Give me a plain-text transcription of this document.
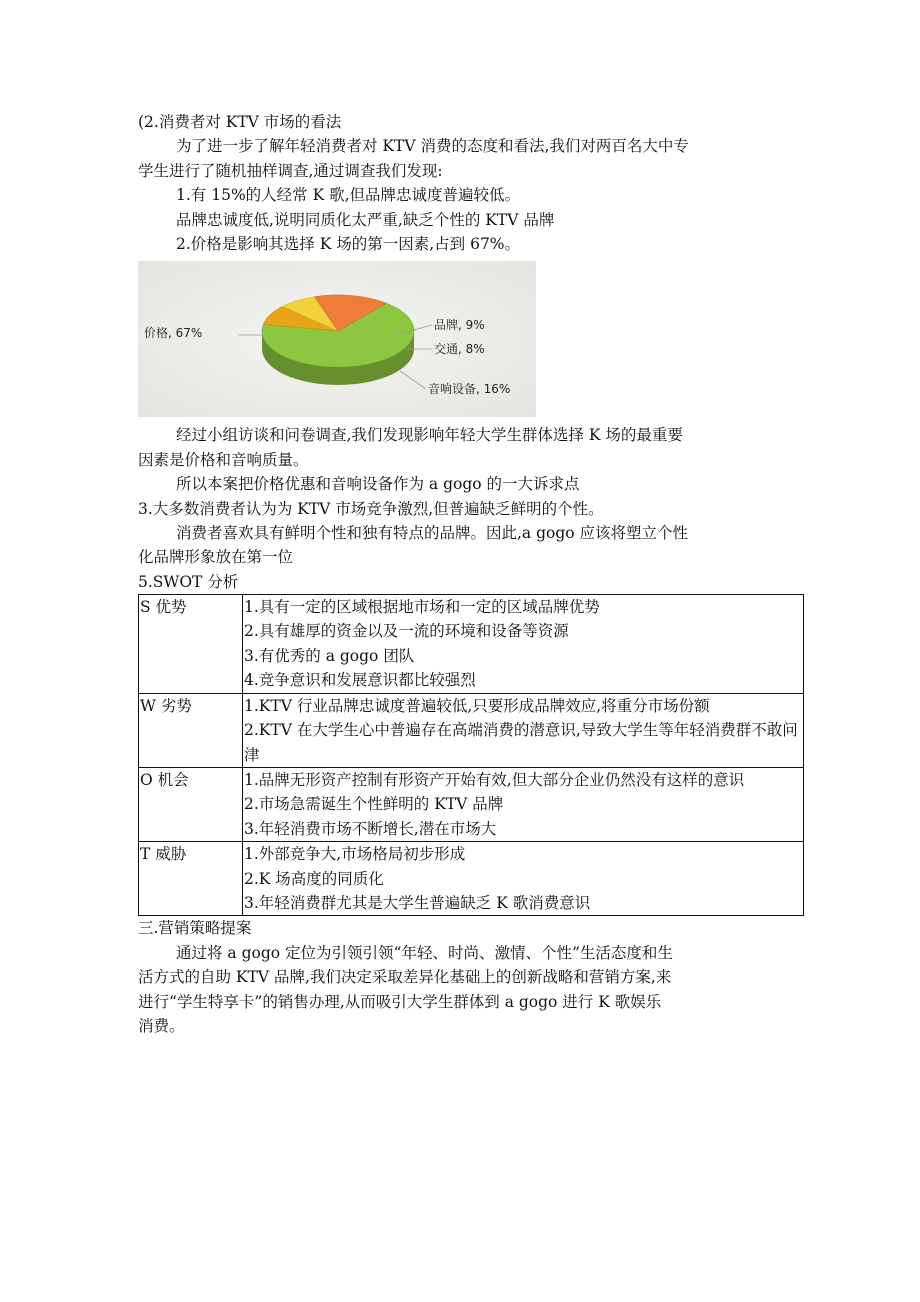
(2.消费者对 KTV 市场的看法
为了进一步了解年轻消费者对 KTV 消费的态度和看法,我们对两百名大中专
学生进行了随机抽样调查,通过调查我们发现:
1.有 15%的人经常 K 歌,但品牌忠诚度普遍较低。
品牌忠诚度低,说明同质化太严重,缺乏个性的 KTV 品牌
2.价格是影响其选择 K 场的第一因素,占到 67%。
价格, 67%
品牌, 9%
交通, 8%
音响设备, 16%
经过小组访谈和问卷调查,我们发现影响年轻大学生群体选择 K 场的最重要
因素是价格和音响质量。
所以本案把价格优惠和音响设备作为 a gogo 的一大诉求点
3.大多数消费者认为为 KTV 市场竞争激烈,但普遍缺乏鲜明的个性。
消费者喜欢具有鲜明个性和独有特点的品牌。因此,a gogo 应该将塑立个性
化品牌形象放在第一位
5.SWOT 分析
S 优势	1.具有一定的区域根据地市场和一定的区域品牌优势
2.具有雄厚的资金以及一流的环境和设备等资源
3.有优秀的 a gogo 团队
4.竞争意识和发展意识都比较强烈

W 劣势	1.KTV 行业品牌忠诚度普遍较低,只要形成品牌效应,将重分市场份额
2.KTV 在大学生心中普遍存在高端消费的潜意识,导致大学生等年轻消费群不敢问津

O 机会	1.品牌无形资产控制有形资产开始有效,但大部分企业仍然没有这样的意识
2.市场急需诞生个性鲜明的 KTV 品牌
3.年轻消费市场不断增长,潜在市场大

T 威胁	1.外部竞争大,市场格局初步形成
2.K 场高度的同质化
3.年轻消费群尤其是大学生普遍缺乏 K 歌消费意识
三.营销策略提案
通过将 a gogo 定位为引领引领“年轻、时尚、激情、个性”生活态度和生
活方式的自助 KTV 品牌,我们决定采取差异化基础上的创新战略和营销方案,来
进行“学生特享卡”的销售办理,从而吸引大学生群体到 a gogo 进行 K 歌娱乐
消费。
